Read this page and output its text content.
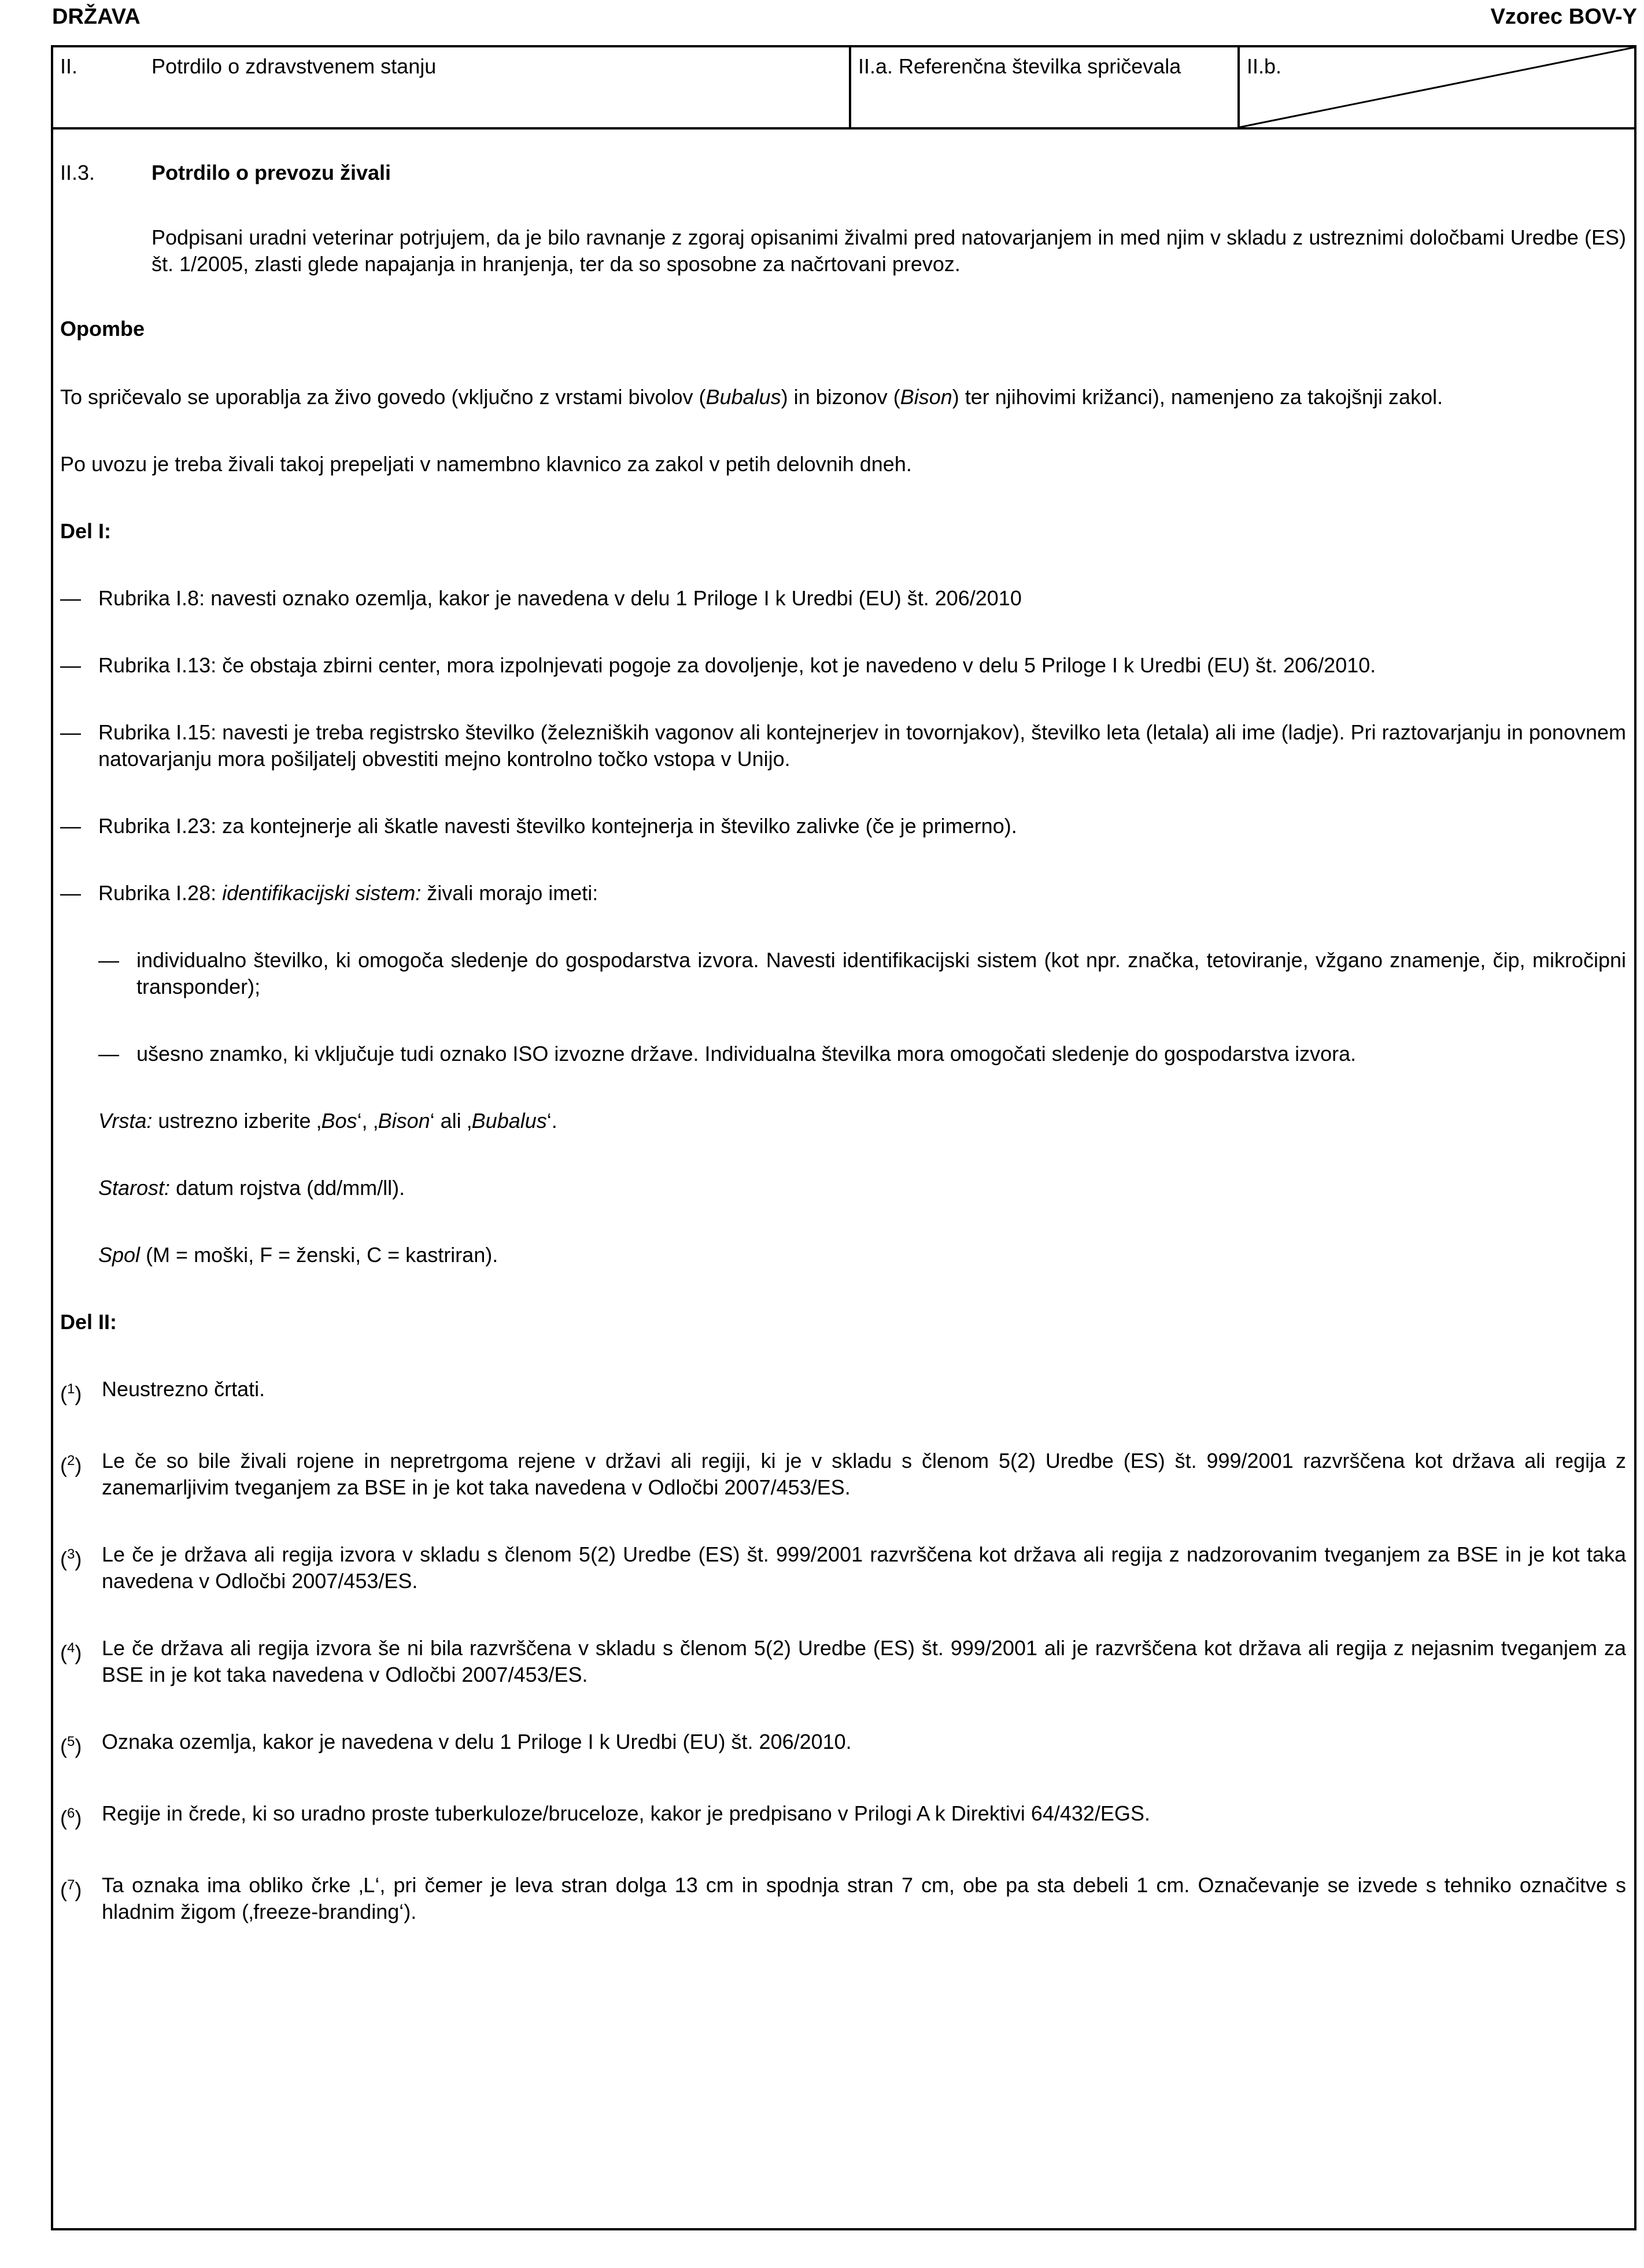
DRŽAVA	Vzorec BOV-Y
II.	Potrdilo o zdravstvenem stanju	II.a. Referenčna številka spričevala	II.b.
II.3.	Potrdilo o prevozu živali

Podpisani uradni veterinar potrjujem, da je bilo ravnanje z zgoraj opisanimi živalmi pred natovarjanjem in med njim v skladu z ustreznimi določbami Uredbe (ES) št. 1/2005, zlasti glede napajanja in hranjenja, ter da so sposobne za načrtovani prevoz.

Opombe

To spričevalo se uporablja za živo govedo (vključno z vrstami bivolov (Bubalus) in bizonov (Bison) ter njihovimi križanci), namenjeno za takojšnji zakol.

Po uvozu je treba živali takoj prepeljati v namembno klavnico za zakol v petih delovnih dneh.

Del I:

— Rubrika I.8: navesti oznako ozemlja, kakor je navedena v delu 1 Priloge I k Uredbi (EU) št. 206/2010
— Rubrika I.13: če obstaja zbirni center, mora izpolnjevati pogoje za dovoljenje, kot je navedeno v delu 5 Priloge I k Uredbi (EU) št. 206/2010.
— Rubrika I.15: navesti je treba registrsko številko (železniških vagonov ali kontejnerjev in tovornjakov), številko leta (letala) ali ime (ladje). Pri raztovarjanju in ponovnem natovarjanju mora pošiljatelj obvestiti mejno kontrolno točko vstopa v Unijo.
— Rubrika I.23: za kontejnerje ali škatle navesti številko kontejnerja in številko zalivke (če je primerno).
— Rubrika I.28: identifikacijski sistem: živali morajo imeti:
— individualno številko, ki omogoča sledenje do gospodarstva izvora. Navesti identifikacijski sistem (kot npr. značka, tetoviranje, vžgano znamenje, čip, mikročipni transponder);
— ušesno znamko, ki vključuje tudi oznako ISO izvozne države. Individualna številka mora omogočati sledenje do gospodarstva izvora.

Vrsta: ustrezno izberite ‚Bos‘, ‚Bison‘ ali ‚Bubalus‘.

Starost: datum rojstva (dd/mm/ll).

Spol (M = moški, F = ženski, C = kastriran).

Del II:

($^1$) Neustrezno črtati.
($^2$) Le če so bile živali rojene in nepretrgoma rejene v državi ali regiji, ki je v skladu s členom 5(2) Uredbe (ES) št. 999/2001 razvrščena kot država ali regija z zanemarljivim tveganjem za BSE in je kot taka navedena v Odločbi 2007/453/ES.
($^3$) Le če je država ali regija izvora v skladu s členom 5(2) Uredbe (ES) št. 999/2001 razvrščena kot država ali regija z nadzorovanim tveganjem za BSE in je kot taka navedena v Odločbi 2007/453/ES.
($^4$) Le če država ali regija izvora še ni bila razvrščena v skladu s členom 5(2) Uredbe (ES) št. 999/2001 ali je razvrščena kot država ali regija z nejasnim tveganjem za BSE in je kot taka navedena v Odločbi 2007/453/ES.
($^5$) Oznaka ozemlja, kakor je navedena v delu 1 Priloge I k Uredbi (EU) št. 206/2010.
($^6$) Regije in črede, ki so uradno proste tuberkuloze/bruceloze, kakor je predpisano v Prilogi A k Direktivi 64/432/EGS.
($^7$) Ta oznaka ima obliko črke ‚L‘, pri čemer je leva stran dolga 13 cm in spodnja stran 7 cm, obe pa sta debeli 1 cm. Označevanje se izvede s tehniko označitve s hladnim žigom (‚freeze-branding‘).
